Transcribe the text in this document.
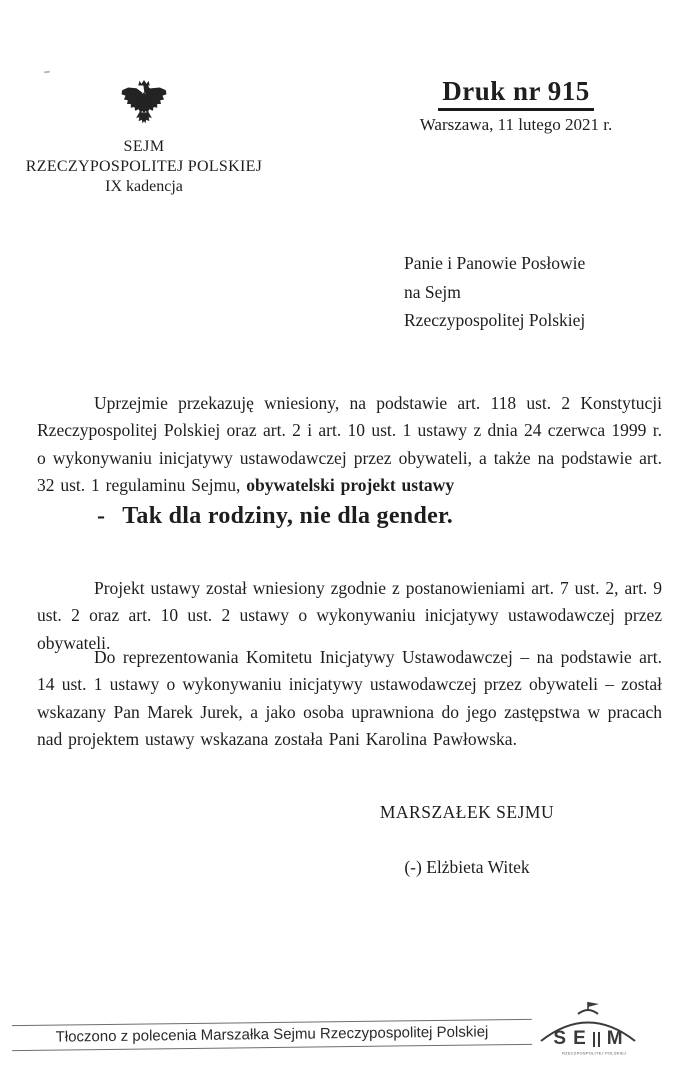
SEJM
RZECZYPOSPOLITEJ POLSKIEJ
IX kadencja
Druk nr 915
Warszawa, 11 lutego 2021 r.
Panie i Panowie Posłowie
na Sejm
Rzeczypospolitej Polskiej

Uprzejmie przekazuję wniesiony, na podstawie art. 118 ust. 2 Konstytucji Rzeczypospolitej Polskiej oraz art. 2 i art. 10 ust. 1 ustawy z dnia 24 czerwca 1999 r. o wykonywaniu inicjatywy ustawodawczej przez obywateli, a także na podstawie art. 32 ust. 1 regulaminu Sejmu, obywatelski projekt ustawy

- Tak dla rodziny, nie dla gender.

Projekt ustawy został wniesiony zgodnie z postanowieniami art. 7 ust. 2, art. 9 ust. 2 oraz art. 10 ust. 2 ustawy o wykonywaniu inicjatywy ustawodawczej przez obywateli.

Do reprezentowania Komitetu Inicjatywy Ustawodawczej – na podstawie art. 14 ust. 1 ustawy o wykonywaniu inicjatywy ustawodawczej przez obywateli – został wskazany Pan Marek Jurek, a jako osoba uprawniona do jego zastępstwa w pracach nad projektem ustawy wskazana została Pani Karolina Pawłowska.

MARSZAŁEK SEJMU
(-) Elżbieta Witek
Tłoczono z polecenia Marszałka Sejmu Rzeczypospolitej Polskiej	S E M
RZECZPOSPOLITEJ POLSKIEJ
